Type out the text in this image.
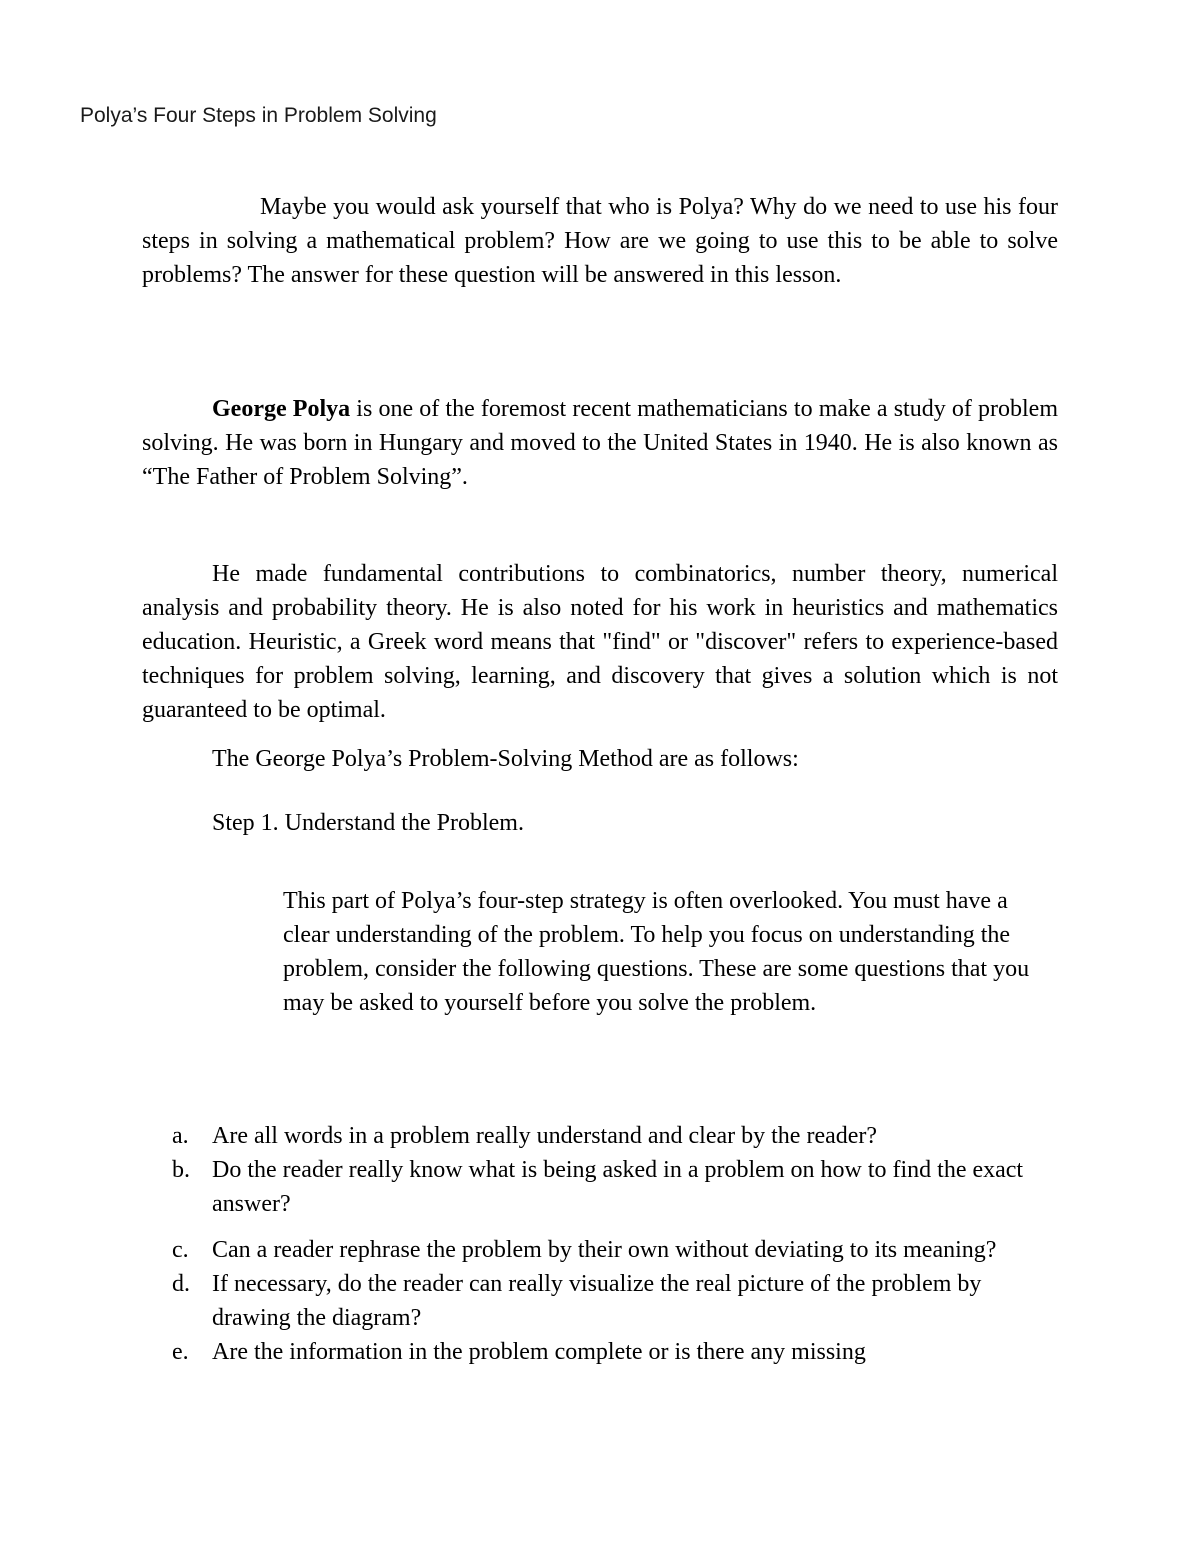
Polya’s Four Steps in Problem Solving

Maybe you would ask yourself that who is Polya? Why do we need to use his four steps in solving a mathematical problem? How are we going to use this to be able to solve problems? The answer for these question will be answered in this lesson.

George Polya is one of the foremost recent mathematicians to make a study of problem solving. He was born in Hungary and moved to the United States in 1940. He is also known as “The Father of Problem Solving”.

He made fundamental contributions to combinatorics, number theory, numerical analysis and probability theory. He is also noted for his work in heuristics and mathematics education. Heuristic, a Greek word means that "find" or "discover" refers to experience-based techniques for problem solving, learning, and discovery that gives a solution which is not guaranteed to be optimal.

The George Polya’s Problem-Solving Method are as follows:

Step 1. Understand the Problem.

This part of Polya’s four-step strategy is often overlooked. You must have a clear understanding of the problem. To help you focus on understanding the problem, consider the following questions. These are some questions that you may be asked to yourself before you solve the problem.

a. Are all words in a problem really understand and clear by the reader?
b. Do the reader really know what is being asked in a problem on how to find the exact answer?
c. Can a reader rephrase the problem by their own without deviating to its meaning?
d. If necessary, do the reader can really visualize the real picture of the problem by drawing the diagram?
e. Are the information in the problem complete or is there any missing
